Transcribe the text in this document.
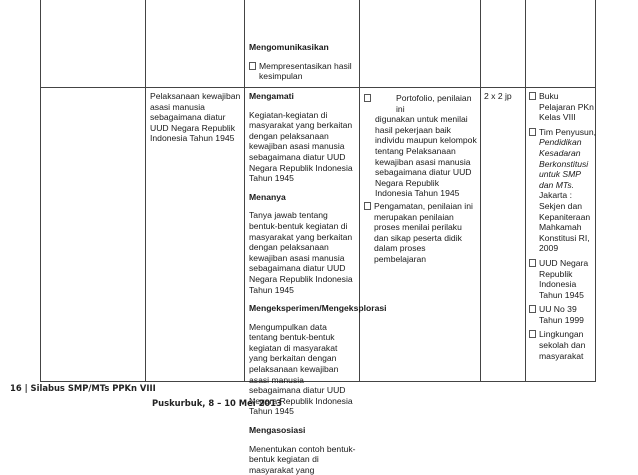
Mengomunikasikan

Mempresentasikan hasil kesimpulan

Pelaksanaan kewajiban asasi manusia sebagaimana diatur UUD Negara Republik Indonesia Tahun 1945

Mengamati

Kegiatan-kegiatan di masyarakat yang berkaitan dengan pelaksanaan kewajiban asasi manusia sebagaimana diatur UUD Negara Republik Indonesia Tahun 1945

Menanya

Tanya jawab tentang bentuk-bentuk kegiatan di masyarakat yang berkaitan dengan pelaksanaan kewajiban asasi manusia sebagaimana diatur UUD Negara Republik Indonesia Tahun 1945

Mengeksperimen/Mengeksplorasi

Mengumpulkan data tentang bentuk-bentuk kegiatan di masyarakat yang berkaitan dengan pelaksanaan kewajiban asasi manusia sebagaimana diatur UUD Negara Republik Indonesia Tahun 1945

Mengasosiasi

Menentukan contoh bentuk-bentuk kegiatan di masyarakat yang

Portofolio, penilaian ini

digunakan untuk menilai hasil pekerjaan baik individu maupun kelompok tentang Pelaksanaan kewajiban asasi manusia sebagaimana diatur UUD Negara Republik Indonesia Tahun 1945

Pengamatan, penilaian ini merupakan penilaian proses menilai perilaku dan sikap peserta didik dalam proses pembelajaran

2 x 2 jp	Buku Pelajaran PKn Kelas VIII
Tim Penyusun,
Pendidikan Kesadaran Berkonstitusi untuk SMP dan MTs.
Jakarta : Sekjen dan Kepaniteraan Mahkamah Konstitusi RI, 2009
UUD Negara Republik Indonesia Tahun 1945
UU No 39 Tahun 1999
Lingkungan sekolah dan masyarakat
16 | Silabus SMP/MTs PPKn VIII
Puskurbuk, 8 – 10 Mei 2013
